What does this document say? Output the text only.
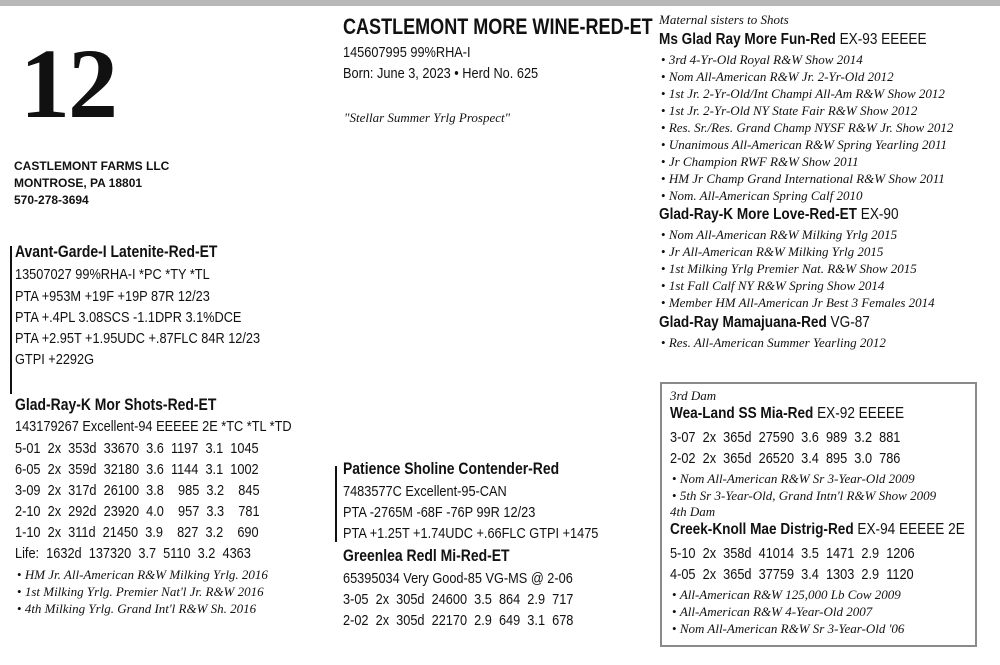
12
CASTLEMONT FARMS LLC
MONTROSE, PA 18801
570-278-3694
CASTLEMONT MORE WINE-RED-ET
145607995 99%RHA-I
Born: June 3, 2023 • Herd No. 625
"Stellar Summer Yrlg Prospect"
Avant-Garde-I Latenite-Red-ET
13507027 99%RHA-I *PC *TY *TL
PTA +953M +19F +19P 87R 12/23
PTA +.4PL 3.08SCS -1.1DPR 3.1%DCE
PTA +2.95T +1.95UDC +.87FLC 84R 12/23
GTPI +2292G
Glad-Ray-K Mor Shots-Red-ET
143179267 Excellent-94 EEEEE 2E *TC *TL *TD
5-01  2x  353d  33670  3.6  1197  3.1  1045
6-05  2x  359d  32180  3.6  1144  3.1  1002
3-09  2x  317d  26100  3.8    985  3.2    845
2-10  2x  292d  23920  4.0    957  3.3    781
1-10  2x  311d  21450  3.9    827  3.2    690
Life:  1632d  137320  3.7  5110  3.2  4363
• HM Jr. All-American R&W Milking Yrlg. 2016
• 1st Milking Yrlg. Premier Nat'l Jr. R&W 2016
• 4th Milking Yrlg. Grand Int'l R&W Sh. 2016
Patience Sholine Contender-Red
7483577C Excellent-95-CAN
PTA -2765M -68F -76P 99R 12/23
PTA +1.25T +1.74UDC +.66FLC GTPI +1475
Greenlea Redl Mi-Red-ET
65395034 Very Good-85 VG-MS @ 2-06
3-05  2x  305d  24600  3.5  864  2.9  717
2-02  2x  305d  22170  2.9  649  3.1  678
Maternal sisters to Shots
Ms Glad Ray More Fun-Red EX-93 EEEEE
• 3rd 4-Yr-Old Royal R&W Show 2014
• Nom All-American R&W Jr. 2-Yr-Old 2012
• 1st Jr. 2-Yr-Old/Int Champi All-Am R&W Show 2012
• 1st Jr. 2-Yr-Old NY State Fair R&W Show 2012
• Res. Sr./Res. Grand Champ NYSF R&W Jr. Show 2012
• Unanimous All-American R&W Spring Yearling 2011
• Jr Champion RWF R&W Show 2011
• HM Jr Champ Grand International R&W Show 2011
• Nom. All-American Spring Calf 2010
Glad-Ray-K More Love-Red-ET EX-90
• Nom All-American R&W Milking Yrlg 2015
• Jr All-American R&W Milking Yrlg 2015
• 1st Milking Yrlg Premier Nat. R&W Show 2015
• 1st Fall Calf NY R&W Spring Show 2014
• Member HM All-American Jr Best 3 Females 2014
Glad-Ray Mamajuana-Red VG-87
• Res. All-American Summer Yearling 2012
3rd Dam
Wea-Land SS Mia-Red EX-92 EEEEE
3-07  2x  365d  27590  3.6  989  3.2  881
2-02  2x  365d  26520  3.4  895  3.0  786
• Nom All-American R&W Sr 3-Year-Old 2009
• 5th Sr 3-Year-Old, Grand Intn'l R&W Show 2009
4th Dam
Creek-Knoll Mae Distrig-Red EX-94 EEEEE 2E
5-10  2x  358d  41014  3.5  1471  2.9  1206
4-05  2x  365d  37759  3.4  1303  2.9  1120
• All-American R&W 125,000 Lb Cow 2009
• All-American R&W 4-Year-Old 2007
• Nom All-American R&W Sr 3-Year-Old '06
